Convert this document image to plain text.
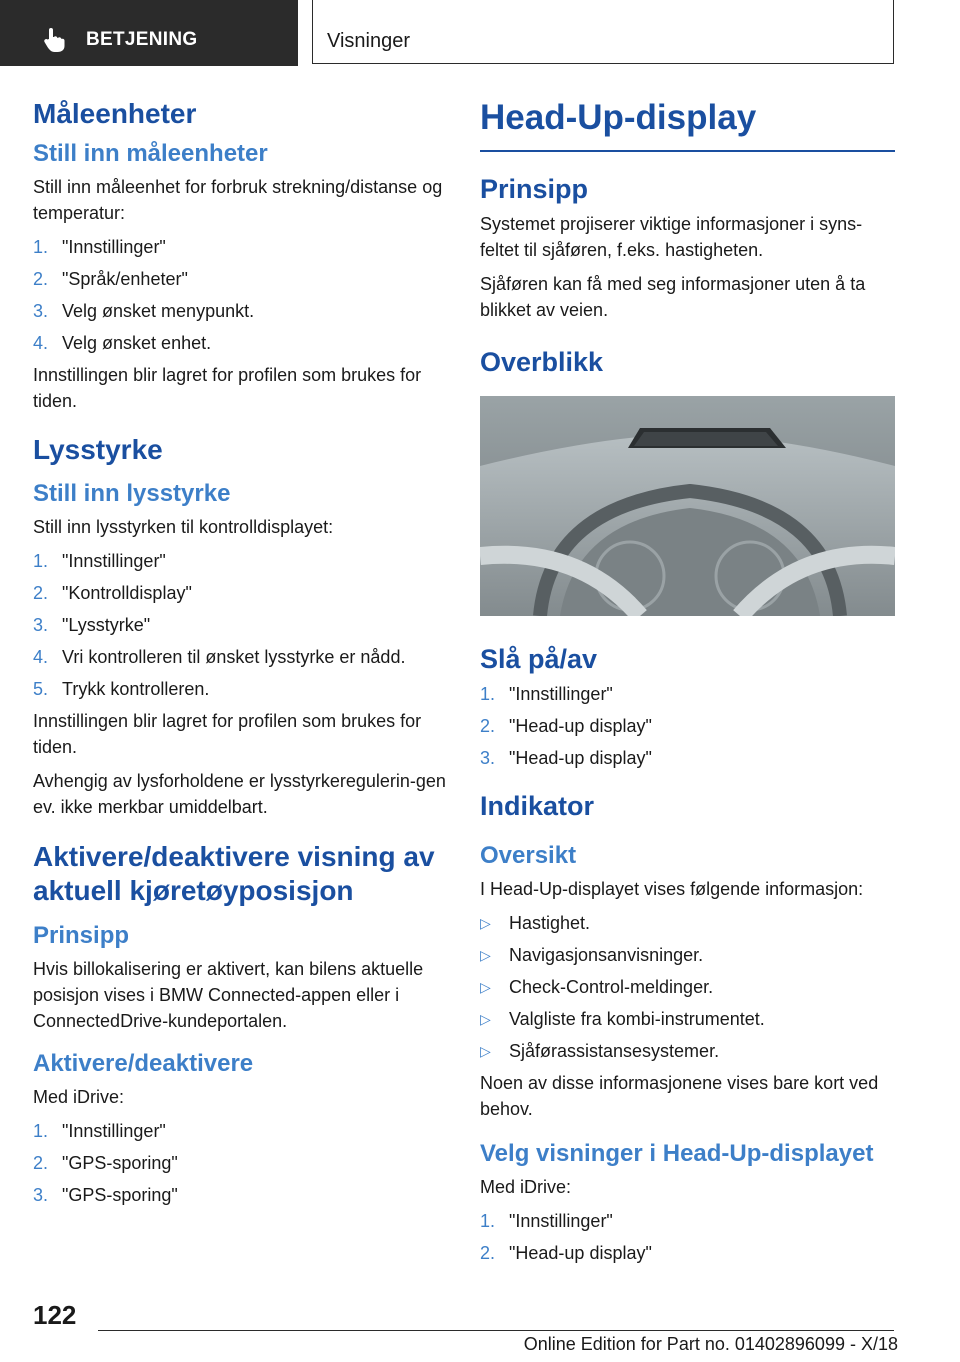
BETJENING	Visninger
Måleenheter
Still inn måleenheter

Still inn måleenhet for forbruk strekning/distanse og temperatur:

1. "Innstillinger"
2. "Språk/enheter"
3. Velg ønsket menypunkt.
4. Velg ønsket enhet.

Innstillingen blir lagret for profilen som brukes for tiden.

Lysstyrke
Still inn lysstyrke

Still inn lysstyrken til kontrolldisplayet:

1. "Innstillinger"
2. "Kontrolldisplay"
3. "Lysstyrke"
4. Vri kontrolleren til ønsket lysstyrke er nådd.
5. Trykk kontrolleren.

Innstillingen blir lagret for profilen som brukes for tiden.

Avhengig av lysforholdene er lysstyrkeregulerin-gen ev. ikke merkbar umiddelbart.

Aktivere/deaktivere visning av aktuell kjøretøyposisjon
Prinsipp

Hvis billokalisering er aktivert, kan bilens aktuelle posisjon vises i BMW Connected-appen eller i ConnectedDrive-kundeportalen.

Aktivere/deaktivere

Med iDrive:

1. "Innstillinger"
2. "GPS-sporing"
3. "GPS-sporing"
Head-Up-display
Prinsipp

Systemet projiserer viktige informasjoner i syns-feltet til sjåføren, f.eks. hastigheten.

Sjåføren kan få med seg informasjoner uten å ta blikket av veien.

Overblikk
Slå på/av
1. "Innstillinger"
2. "Head-up display"
3. "Head-up display"
Indikator
Oversikt

I Head-Up-displayet vises følgende informasjon:

▷	Hastighet.
▷	Navigasjonsanvisninger.
▷	Check-Control-meldinger.
▷	Valgliste fra kombi-instrumentet.
▷	Sjåførassistansesystemer.

Noen av disse informasjonene vises bare kort ved behov.

Velg visninger i Head-Up-displayet

Med iDrive:

1. "Innstillinger"
2. "Head-up display"
122
Online Edition for Part no. 01402896099 - X/18
